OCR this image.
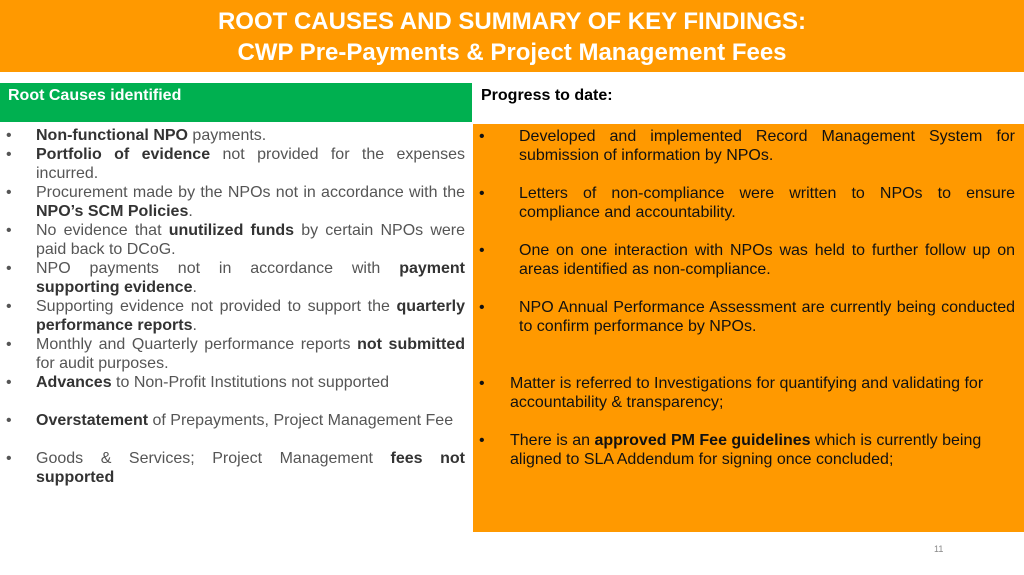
ROOT CAUSES AND SUMMARY OF KEY FINDINGS:
CWP Pre-Payments & Project Management Fees
Root Causes identified	Progress to date:
• Non-functional NPO payments.
• Portfolio of evidence not provided for the expenses incurred.
• Procurement made by the NPOs not in accordance with the NPO’s SCM Policies.
• No evidence that unutilized funds by certain NPOs were paid back to DCoG.
• NPO payments not in accordance with payment supporting evidence.
• Supporting evidence not provided to support the quarterly performance reports.
• Monthly and Quarterly performance reports not submitted for audit purposes.
• Advances to Non-Profit Institutions not supported
• Overstatement of Prepayments, Project Management Fee
• Goods & Services; Project Management fees not supported
• Developed and implemented Record Management System for submission of information by NPOs.
• Letters of non-compliance were written to NPOs to ensure compliance and accountability.
• One on one interaction with NPOs was held to further follow up on areas identified as non-compliance.
• NPO Annual Performance Assessment are currently being conducted to confirm performance by NPOs.
• Matter is referred to Investigations for quantifying and validating for accountability & transparency;
• There is an approved PM Fee guidelines which is currently being aligned to SLA Addendum for signing once concluded;
11
